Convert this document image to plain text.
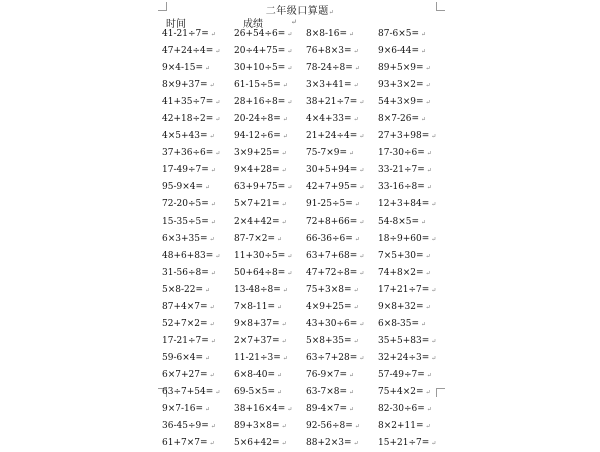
二年级口算题↵
时间	成绩	↵
41-21÷7= ↵	26+54÷6= ↵	8×8-16= ↵	87-6×5= ↵
47+24÷4= ↵	20÷4+75= ↵	76+8×3= ↵	9×6-44= ↵
9×4-15= ↵	30+10÷5= ↵	78-24÷8= ↵	89+5×9= ↵
8×9+37= ↵	61-15÷5= ↵	3×3+41= ↵	93+3×2= ↵
41+35÷7= ↵	28+16÷8= ↵	38+21÷7= ↵	54+3×9= ↵
42+18÷2= ↵	20-24÷8= ↵	4×4+33= ↵	8×7-26= ↵
4×5+43= ↵	94-12÷6= ↵	21+24÷4= ↵	27+3+98= ↵
37+36÷6= ↵	3×9+25= ↵	75-7×9= ↵	17-30÷6= ↵
17-49÷7= ↵	9×4+28= ↵	30+5+94= ↵	33-21÷7= ↵
95-9×4= ↵	63+9+75= ↵	42+7+95= ↵	33-16÷8= ↵
72-20÷5= ↵	5×7+21= ↵	91-25÷5= ↵	12+3+84= ↵
15-35÷5= ↵	2×4+42= ↵	72+8+66= ↵	54-8×5= ↵
6×3+35= ↵	87-7×2= ↵	66-36÷6= ↵	18÷9+60= ↵
48+6+83= ↵	11+30÷5= ↵	63+7+68= ↵	7×5+30= ↵
31-56÷8= ↵	50+64÷8= ↵	47+72÷8= ↵	74+8×2= ↵
5×8-22= ↵	13-48÷8= ↵	75+3×8= ↵	17+21÷7= ↵
87+4×7= ↵	7×8-11= ↵	4×9+25= ↵	9×8+32= ↵
52+7×2= ↵	9×8+37= ↵	43+30÷6= ↵	6×8-35= ↵
17-21÷7= ↵	2×7+37= ↵	5×8+35= ↵	35+5+83= ↵
59-6×4= ↵	11-21÷3= ↵	63÷7+28= ↵	32+24÷3= ↵
6×7+27= ↵	6×8-40= ↵	76-9×7= ↵	57-49÷7= ↵
63÷7+54= ↵	69-5×5= ↵	63-7×8= ↵	75+4×2= ↵
9×7-16= ↵	38+16×4= ↵	89-4×7= ↵	82-30÷6= ↵
36-45÷9= ↵	89+3×8= ↵	92-56÷8= ↵	8×2+11= ↵
61+7×7= ↵	5×6+42= ↵	88+2×3= ↵	15+21÷7= ↵
